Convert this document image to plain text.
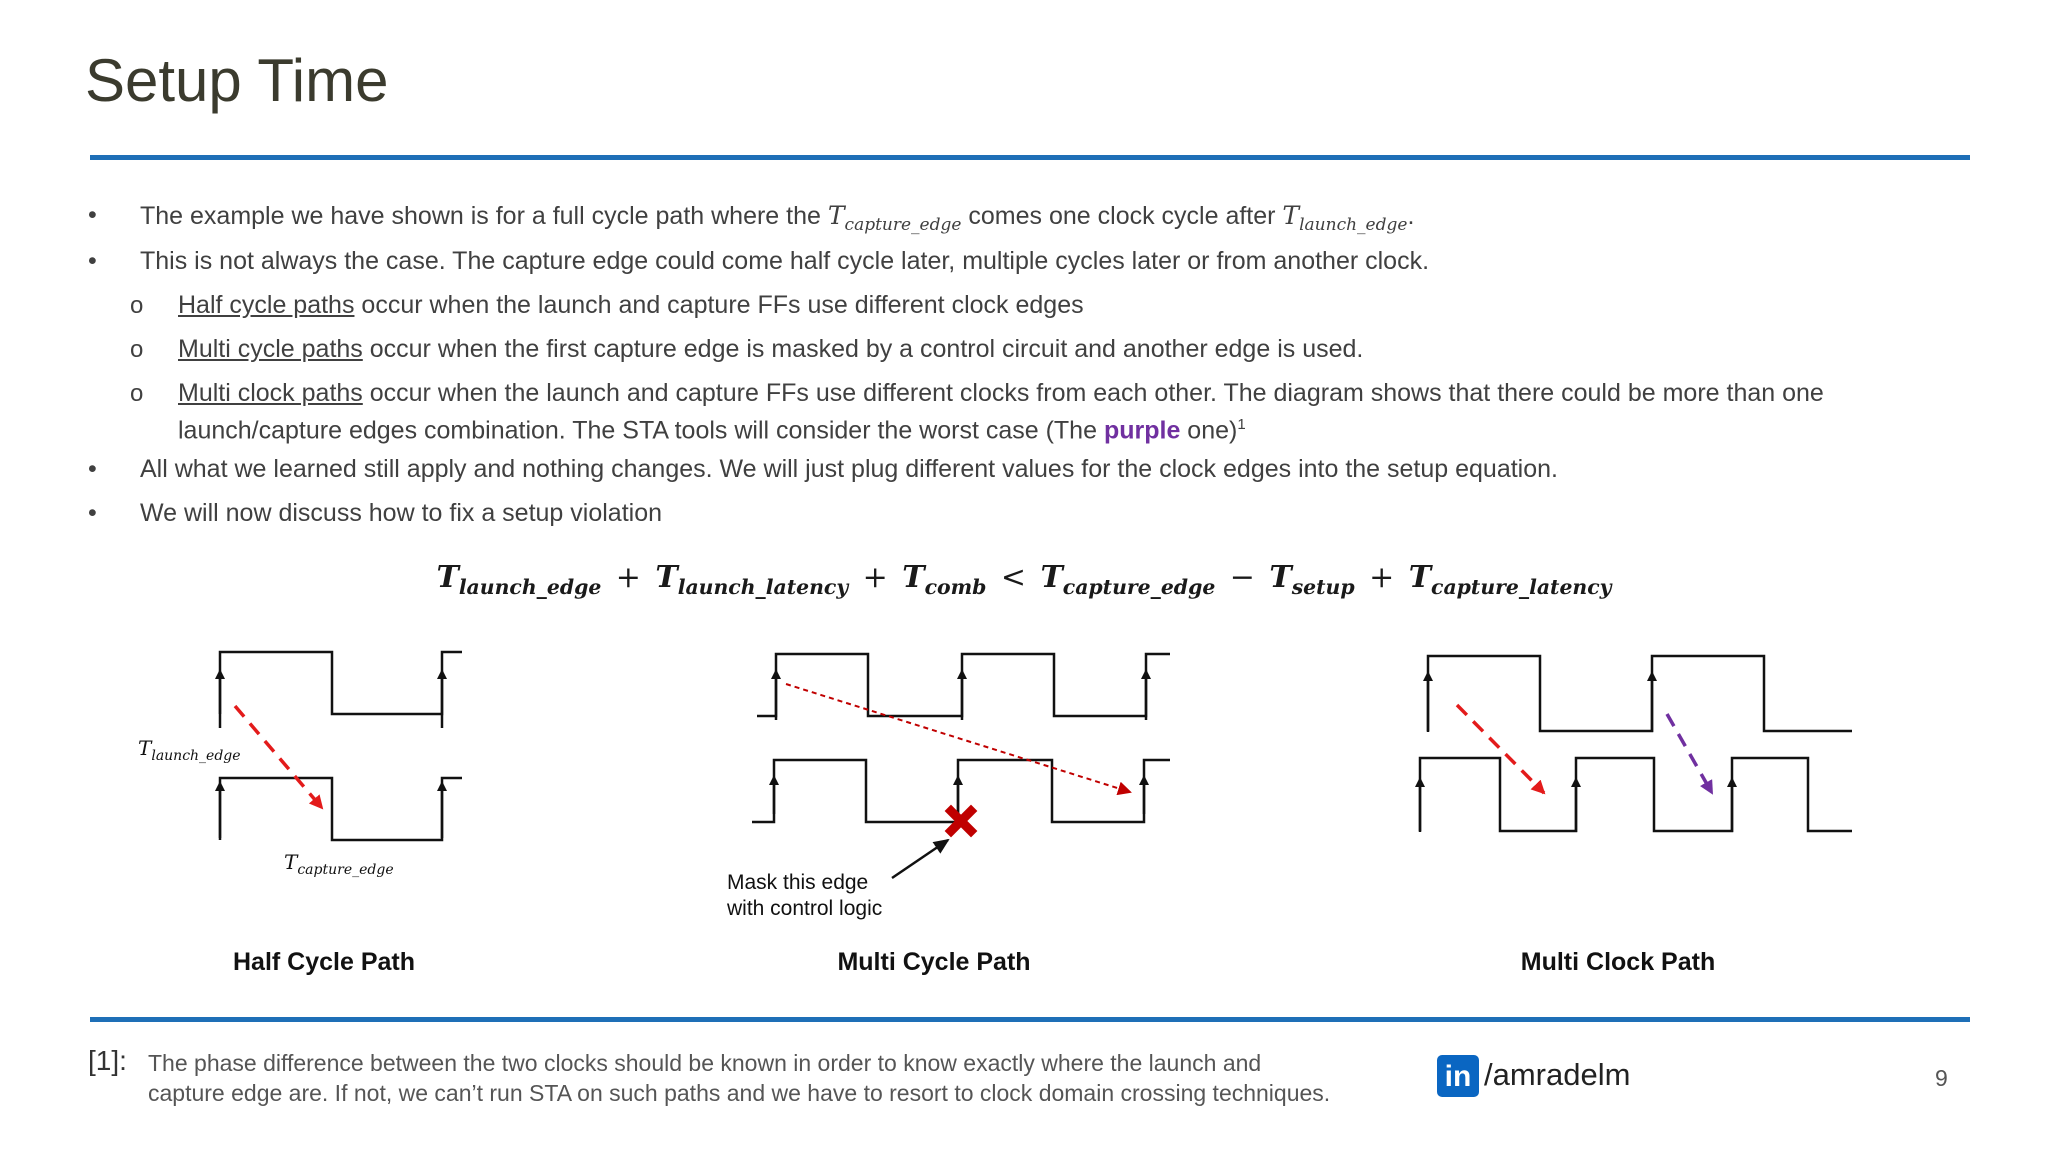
Setup Time
• The example we have shown is for a full cycle path where the $T_{capture\_edge}$ comes one clock cycle after $T_{launch\_edge}$.
• This is not always the case. The capture edge could come half cycle later, multiple cycles later or from another clock.
o Half cycle paths occur when the launch and capture FFs use different clock edges
o Multi cycle paths occur when the first capture edge is masked by a control circuit and another edge is used.
o Multi clock paths occur when the launch and capture FFs use different clocks from each other. The diagram shows that there could be more than one launch/capture edges combination. The STA tools will consider the worst case (The purple one)$^1$
• All what we learned still apply and nothing changes. We will just plug different values for the clock edges into the setup equation.
• We will now discuss how to fix a setup violation
$T_{launch\_edge} + T_{launch\_latency} + T_{comb} < T_{capture\_edge} - T_{setup} + T_{capture\_latency}$
$T_{launch\_edge}$
$T_{capture\_edge}$
Mask this edge
with control logic
Half Cycle Path	Multi Cycle Path	Multi Clock Path
[1]: The phase difference between the two clocks should be known in order to know exactly where the launch and
capture edge are. If not, we can’t run STA on such paths and we have to resort to clock domain crossing techniques.	in /amradelm	9
